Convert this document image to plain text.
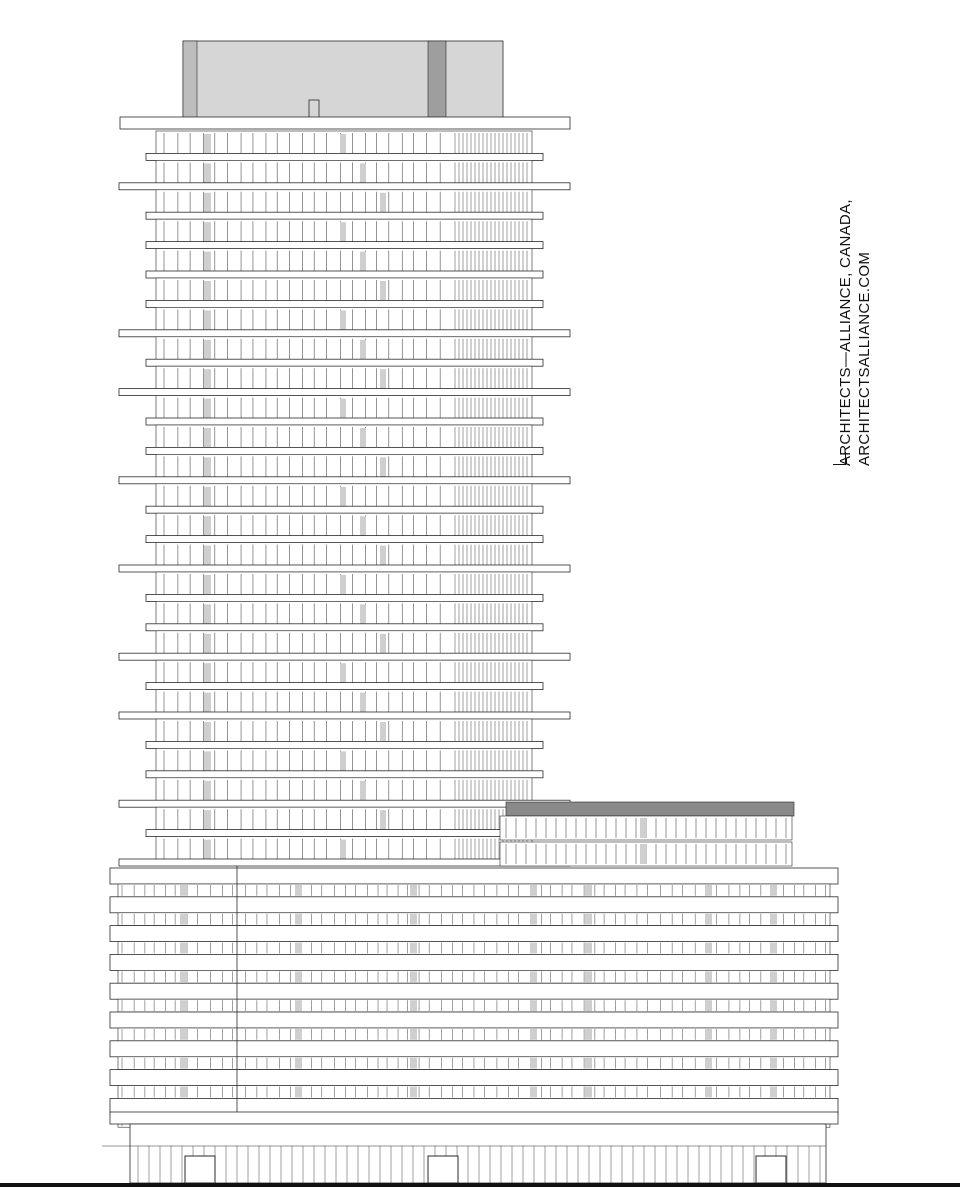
ARCHITECTS—ALLIANCE, CANADA, ARCHITECTSALLIANCE.COM
